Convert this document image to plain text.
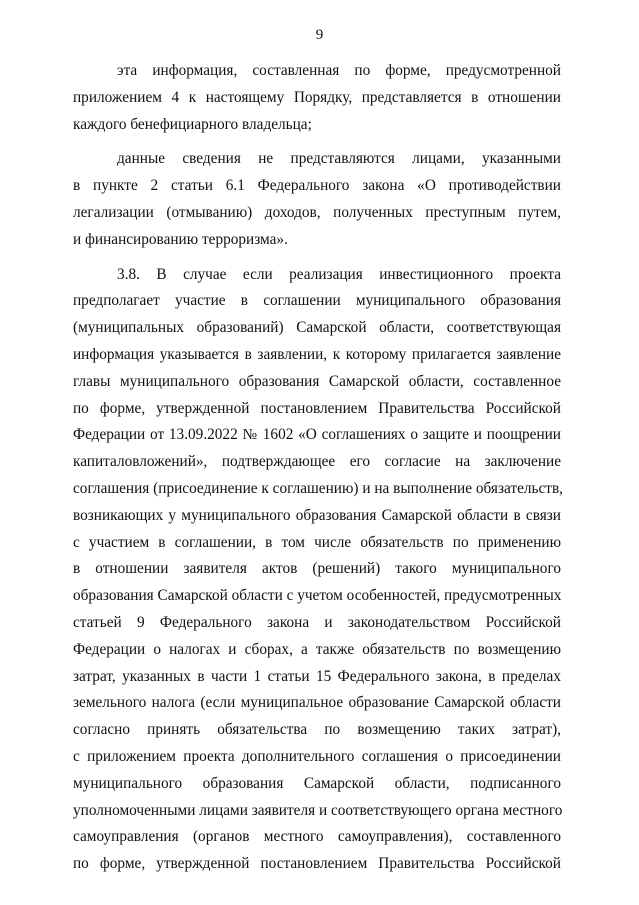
9
эта информация, составленная по форме, предусмотренной
приложением 4 к настоящему Порядку, представляется в отношении
каждого бенефициарного владельца;
данные сведения не представляются лицами, указанными
в пункте 2 статьи 6.1 Федерального закона «О противодействии
легализации (отмыванию) доходов, полученных преступным путем,
и финансированию терроризма».
3.8. В случае если реализация инвестиционного проекта
предполагает участие в соглашении муниципального образования
(муниципальных образований) Самарской области, соответствующая
информация указывается в заявлении, к которому прилагается заявление
главы муниципального образования Самарской области, составленное
по форме, утвержденной постановлением Правительства Российской
Федерации от 13.09.2022 № 1602 «О соглашениях о защите и поощрении
капиталовложений», подтверждающее его согласие на заключение
соглашения (присоединение к соглашению) и на выполнение обязательств,
возникающих у муниципального образования Самарской области в связи
с участием в соглашении, в том числе обязательств по применению
в отношении заявителя актов (решений) такого муниципального
образования Самарской области с учетом особенностей, предусмотренных
статьей 9 Федерального закона и законодательством Российской
Федерации о налогах и сборах, а также обязательств по возмещению
затрат, указанных в части 1 статьи 15 Федерального закона, в пределах
земельного налога (если муниципальное образование Самарской области
согласно принять обязательства по возмещению таких затрат),
с приложением проекта дополнительного соглашения о присоединении
муниципального образования Самарской области, подписанного
уполномоченными лицами заявителя и соответствующего органа местного
самоуправления (органов местного самоуправления), составленного
по форме, утвержденной постановлением Правительства Российской
